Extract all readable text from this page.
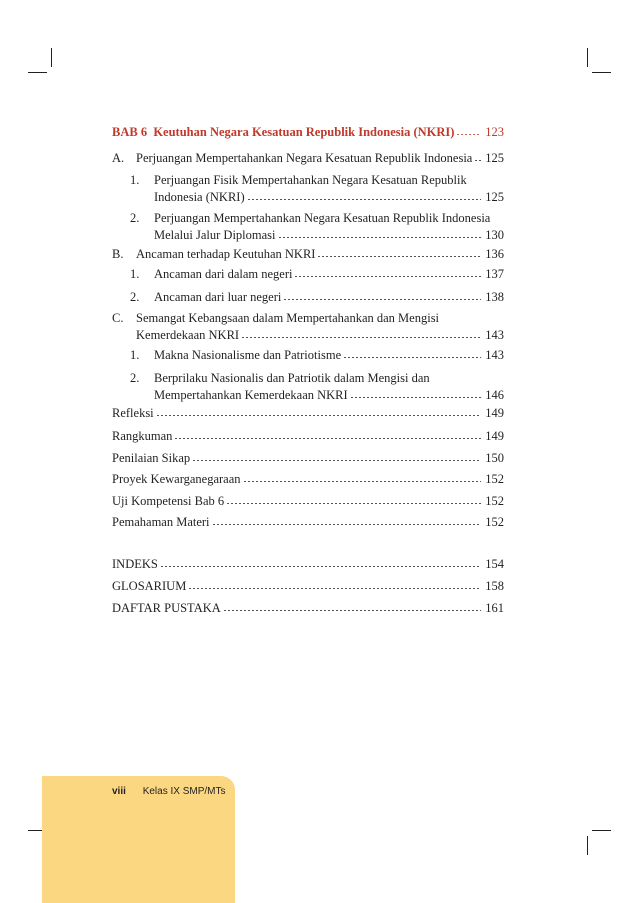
BAB 6 Keutuhan Negara Kesatuan Republik Indonesia (NKRI) 123
A. Perjuangan Mempertahankan Negara Kesatuan Republik Indonesia 125
1.	Perjuangan Fisik Mempertahankan Negara Kesatuan Republik
Indonesia (NKRI)	125
2.	Perjuangan Mempertahankan Negara Kesatuan Republik Indonesia
Melalui Jalur Diplomasi	130
B.	Ancaman terhadap Keutuhan NKRI	136
1.	Ancaman dari dalam negeri	137
2.	Ancaman dari luar negeri	138
C.	Semangat Kebangsaan dalam Mempertahankan dan Mengisi
Kemerdekaan NKRI	143
1.	Makna Nasionalisme dan Patriotisme	143
2.	Berprilaku Nasionalis dan Patriotik dalam Mengisi dan
Mempertahankan Kemerdekaan NKRI	146
Refleksi	149
Rangkuman	149
Penilaian Sikap	150
Proyek Kewarganegaraan	152
Uji Kompetensi Bab 6	152
Pemahaman Materi	152
INDEKS	154
GLOSARIUM	158
DAFTAR PUSTAKA	161
viii Kelas IX SMP/MTs
